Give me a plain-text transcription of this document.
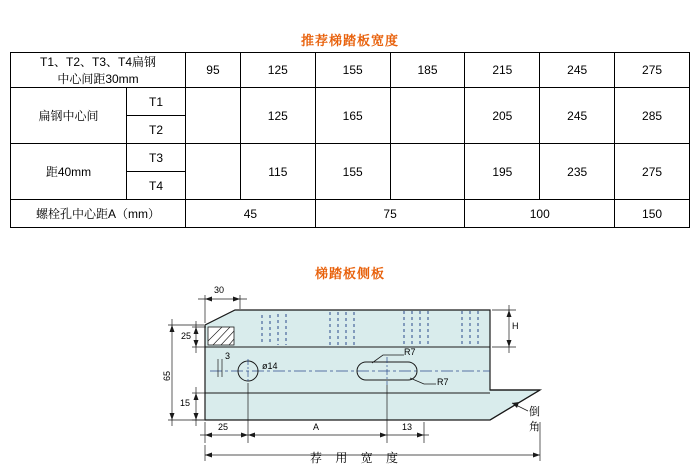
推荐梯踏板宽度
T1、T2、T3、T4扁钢
中心间距30mm		95	125	155	185	215	245	275

扁钢中心间	T1		125	165		205	245	285
	T2							
距40mm	T3		115	155		195	235	275
	T4							
螺栓孔中心距A（mm）		45		75		100		150
梯踏板侧板
30
25
65
15
3
ø14
R7
R7
H
25	A	13
倒
角
荐 用 宽 度
